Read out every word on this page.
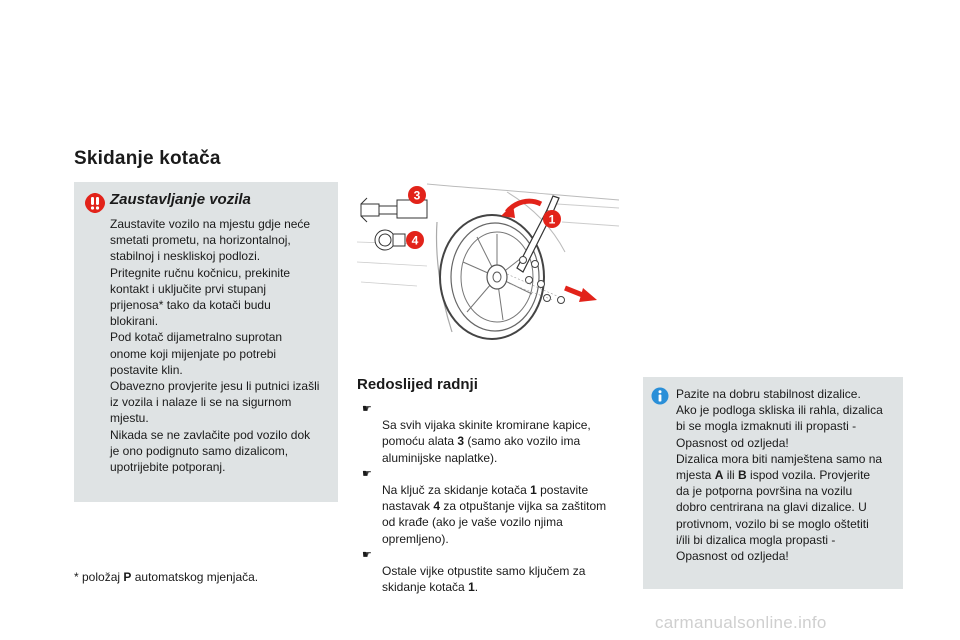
Skidanje kotača
Zaustavljanje vozila
Zaustavite vozilo na mjestu gdje neće
smetati prometu, na horizontalnoj,
stabilnoj i neskliskoj podlozi.
Pritegnite ručnu kočnicu, prekinite
kontakt i uključite prvi stupanj
prijenosa* tako da kotači budu
blokirani.
Pod kotač dijametralno suprotan
onome koji mijenjate po potrebi
postavite klin.
Obavezno provjerite jesu li putnici izašli
iz vozila i nalaze li se na sigurnom
mjestu.
Nikada se ne zavlačite pod vozilo dok
je ono podignuto samo dizalicom,
upotrijebite potporanj.
3
4
1
Redoslijed radnji

☛
Sa svih vijaka skinite kromirane kapice,
pomoću alata 3 (samo ako vozilo ima
aluminijske naplatke).

☛
Na ključ za skidanje kotača 1 postavite
nastavak 4 za otpuštanje vijka sa zaštitom
od krađe (ako je vaše vozilo njima
opremljeno).

☛
Ostale vijke otpustite samo ključem za
skidanje kotača 1.

Pazite na dobru stabilnost dizalice.
Ako je podloga skliska ili rahla, dizalica
bi se mogla izmaknuti ili propasti -
Opasnost od ozljeda!
Dizalica mora biti namještena samo na
mjesta A ili B ispod vozila. Provjerite
da je potporna površina na vozilu
dobro centrirana na glavi dizalice. U
protivnom, vozilo bi se moglo oštetiti
i/ili bi dizalica mogla propasti -
Opasnost od ozljeda!
* položaj P automatskog mjenjača.
carmanualsonline.info
